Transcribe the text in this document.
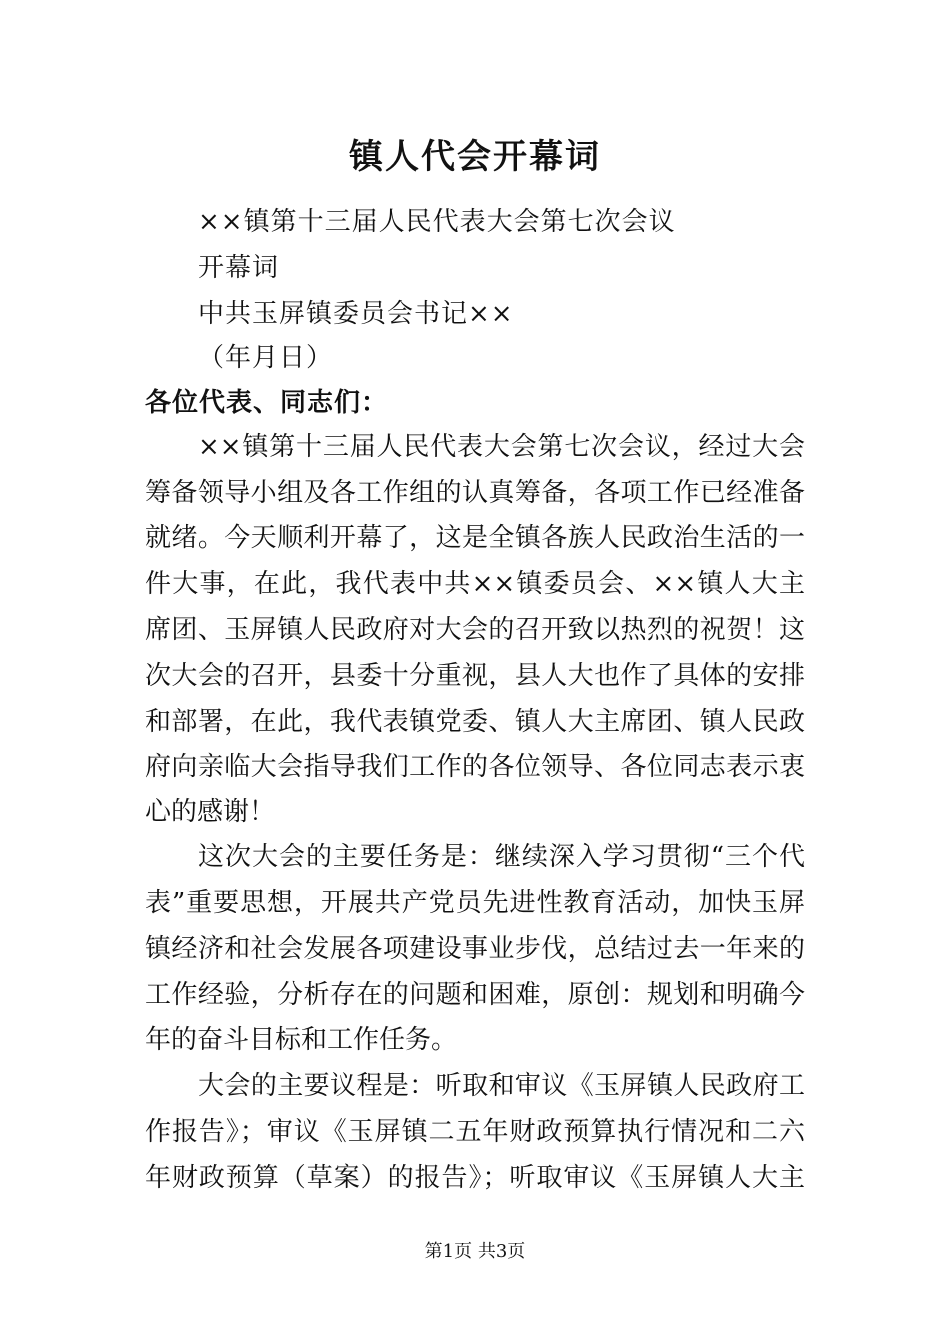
镇人代会开幕词
××镇第十三届人民代表大会第七次会议
开幕词
中共玉屏镇委员会书记××
（年月日）
各位代表、同志们：
××镇第十三届人民代表大会第七次会议，经过大会
筹备领导小组及各工作组的认真筹备，各项工作已经准备
就绪。今天顺利开幕了，这是全镇各族人民政治生活的一
件大事，在此，我代表中共××镇委员会、××镇人大主
席团、玉屏镇人民政府对大会的召开致以热烈的祝贺！这
次大会的召开，县委十分重视，县人大也作了具体的安排
和部署，在此，我代表镇党委、镇人大主席团、镇人民政
府向亲临大会指导我们工作的各位领导、各位同志表示衷
心的感谢！
这次大会的主要任务是：继续深入学习贯彻“三个代
表”重要思想，开展共产党员先进性教育活动，加快玉屏
镇经济和社会发展各项建设事业步伐，总结过去一年来的
工作经验，分析存在的问题和困难，原创：规划和明确今
年的奋斗目标和工作任务。
大会的主要议程是：听取和审议《玉屏镇人民政府工
作报告》；审议《玉屏镇二五年财政预算执行情况和二六
年财政预算（草案）的报告》；听取审议《玉屏镇人大主
第1页 共3页
